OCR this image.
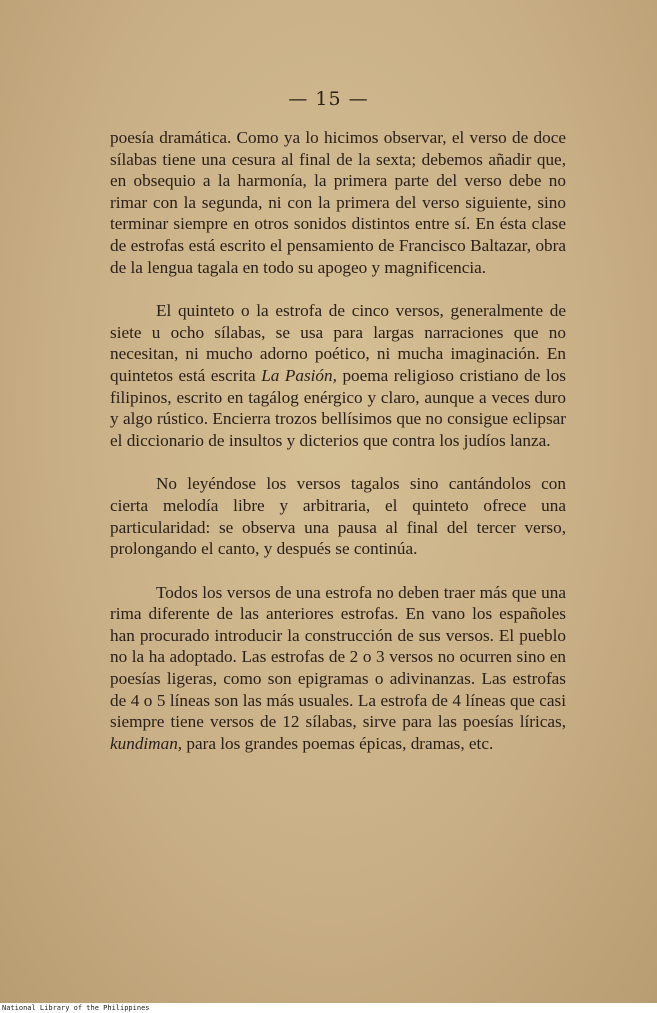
— 15 —

poesía dramática. Como ya lo hicimos observar, el verso de doce sílabas tiene una cesura al final de la sexta; debemos añadir que, en obsequio a la harmonía, la primera parte del verso debe no rimar con la segunda, ni con la primera del verso siguiente, sino terminar siempre en otros sonidos distintos entre sí. En ésta clase de estrofas está escrito el pensamiento de Francisco Baltazar, obra de la lengua tagala en todo su apogeo y magnificencia.

El quinteto o la estrofa de cinco versos, generalmente de siete u ocho sílabas, se usa para largas narraciones que no necesitan, ni mucho adorno poético, ni mucha imaginación. En quintetos está escrita La Pasión, poema religioso cristiano de los filipinos, escrito en tagálog enérgico y claro, aunque a veces duro y algo rústico. Encierra trozos bellísimos que no consigue eclipsar el diccionario de insultos y dicterios que contra los judíos lanza.

No leyéndose los versos tagalos sino cantándolos con cierta melodía libre y arbitraria, el quinteto ofrece una particularidad: se observa una pausa al final del tercer verso, prolongando el canto, y después se continúa.

Todos los versos de una estrofa no deben traer más que una rima diferente de las anteriores estrofas. En vano los españoles han procurado introducir la construcción de sus versos. El pueblo no la ha adoptado. Las estrofas de 2 o 3 versos no ocurren sino en poesías ligeras, como son epigramas o adivinanzas. Las estrofas de 4 o 5 líneas son las más usuales. La estrofa de 4 líneas que casi siempre tiene versos de 12 sílabas, sirve para las poesías líricas, kundiman, para los grandes poemas épicas, dramas, etc.

National Library of the Philippines
